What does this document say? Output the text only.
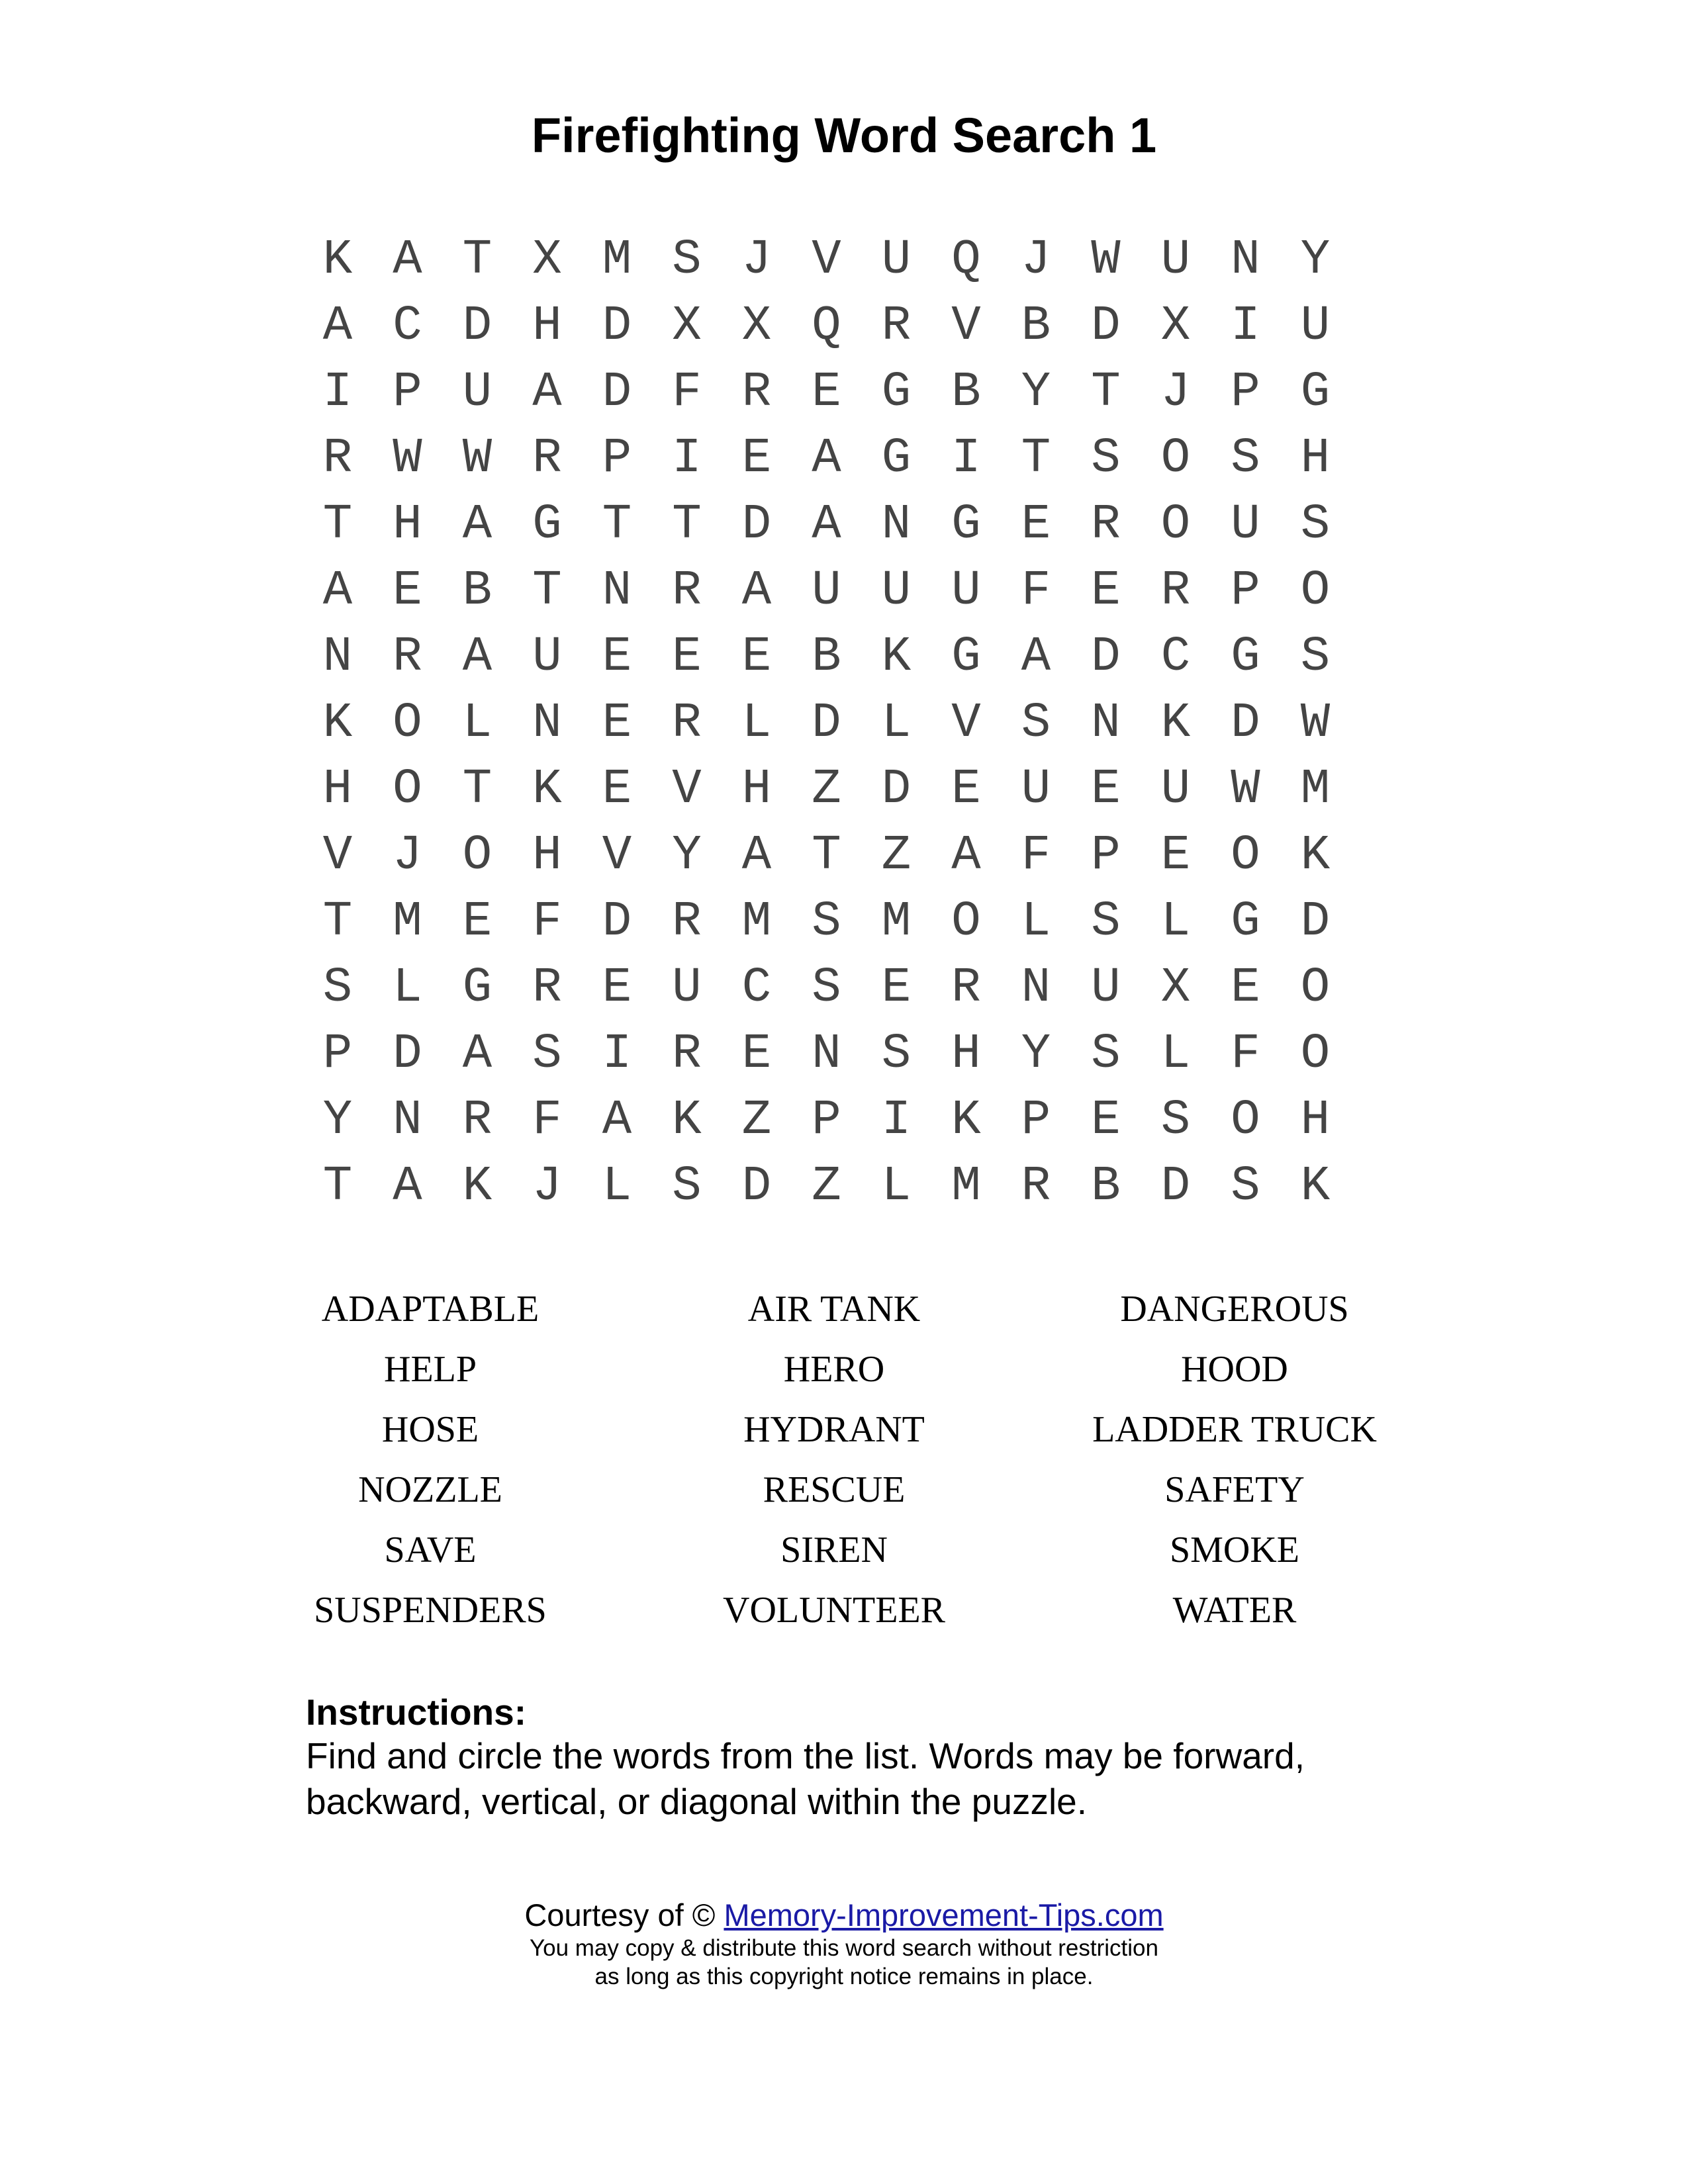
Firefighting Word Search 1
K A T X M S J V U Q J W U N Y
A C D H D X X Q R V B D X I U
I P U A D F R E G B Y T J P G
R W W R P I E A G I T S O S H
T H A G T T D A N G E R O U S
A E B T N R A U U U F E R P O
N R A U E E E B K G A D C G S
K O L N E R L D L V S N K D W
H O T K E V H Z D E U E U W M
V J O H V Y A T Z A F P E O K
T M E F D R M S M O L S L G D
S L G R E U C S E R N U X E O
P D A S I R E N S H Y S L F O
Y N R F A K Z P I K P E S O H
T A K J L S D Z L M R B D S K
ADAPTABLE	AIR TANK	DANGEROUS
HELP	HERO	HOOD
HOSE	HYDRANT	LADDER TRUCK
NOZZLE	RESCUE	SAFETY
SAVE	SIREN	SMOKE
SUSPENDERS	VOLUNTEER	WATER
Instructions:
Find and circle the words from the list. Words may be forward,
backward, vertical, or diagonal within the puzzle.
Courtesy of © Memory-Improvement-Tips.com
You may copy & distribute this word search without restriction
as long as this copyright notice remains in place.
